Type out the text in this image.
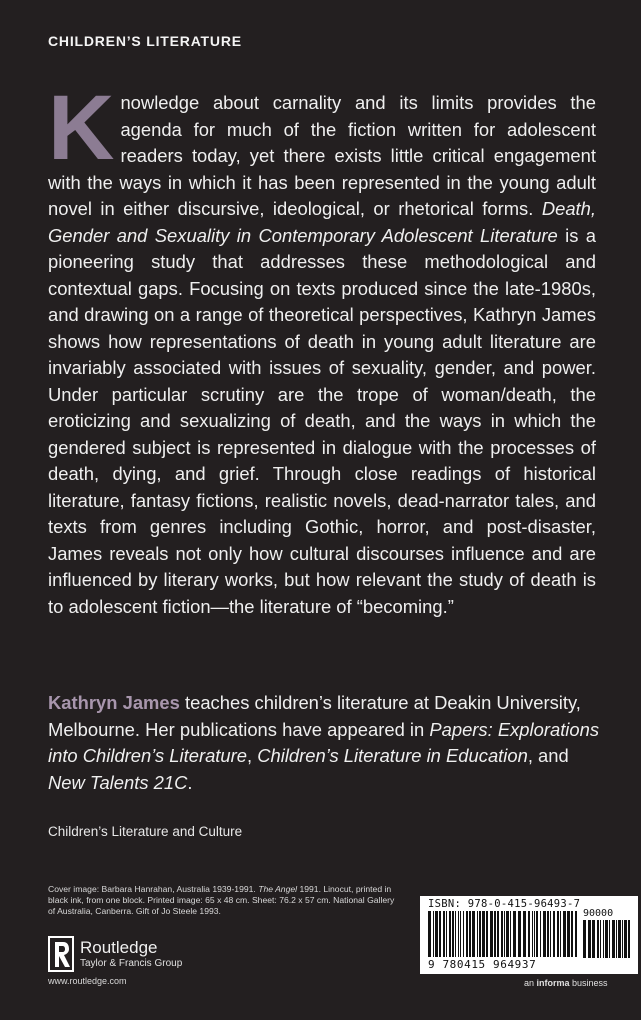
CHILDREN’S LITERATURE

Knowledge about carnality and its limits provides the agenda for much of the fiction written for adolescent readers today, yet there exists little critical engagement with the ways in which it has been represented in the young adult novel in either discursive, ideological, or rhetorical forms. Death, Gender and Sexuality in Contemporary Adolescent Literature is a pioneering study that addresses these methodological and contextual gaps. Focusing on texts produced since the late-1980s, and drawing on a range of theoretical perspectives, Kathryn James shows how representations of death in young adult literature are invariably associated with issues of sexuality, gender, and power. Under particular scrutiny are the trope of woman/death, the eroticizing and sexualizing of death, and the ways in which the gendered subject is represented in dialogue with the processes of death, dying, and grief. Through close readings of historical literature, fantasy fictions, realistic novels, dead-narrator tales, and texts from genres including Gothic, horror, and post-disaster, James reveals not only how cultural discourses influence and are influenced by literary works, but how relevant the study of death is to adolescent fiction—the literature of “becoming.”

Kathryn James teaches children’s literature at Deakin University, Melbourne. Her publications have appeared in Papers: Explorations into Children’s Literature, Children’s Literature in Education, and New Talents 21C.

Children’s Literature and Culture

Cover image: Barbara Hanrahan, Australia 1939-1991. The Angel 1991. Linocut, printed in black ink, from one block. Printed image: 65 x 48 cm. Sheet: 76.2 x 57 cm. National Gallery of Australia, Canberra. Gift of Jo Steele 1993.

Routledge
Taylor & Francis Group
www.routledge.com
ISBN: 978-0-415-96493-7
90000
9 780415 964937
an informa business
